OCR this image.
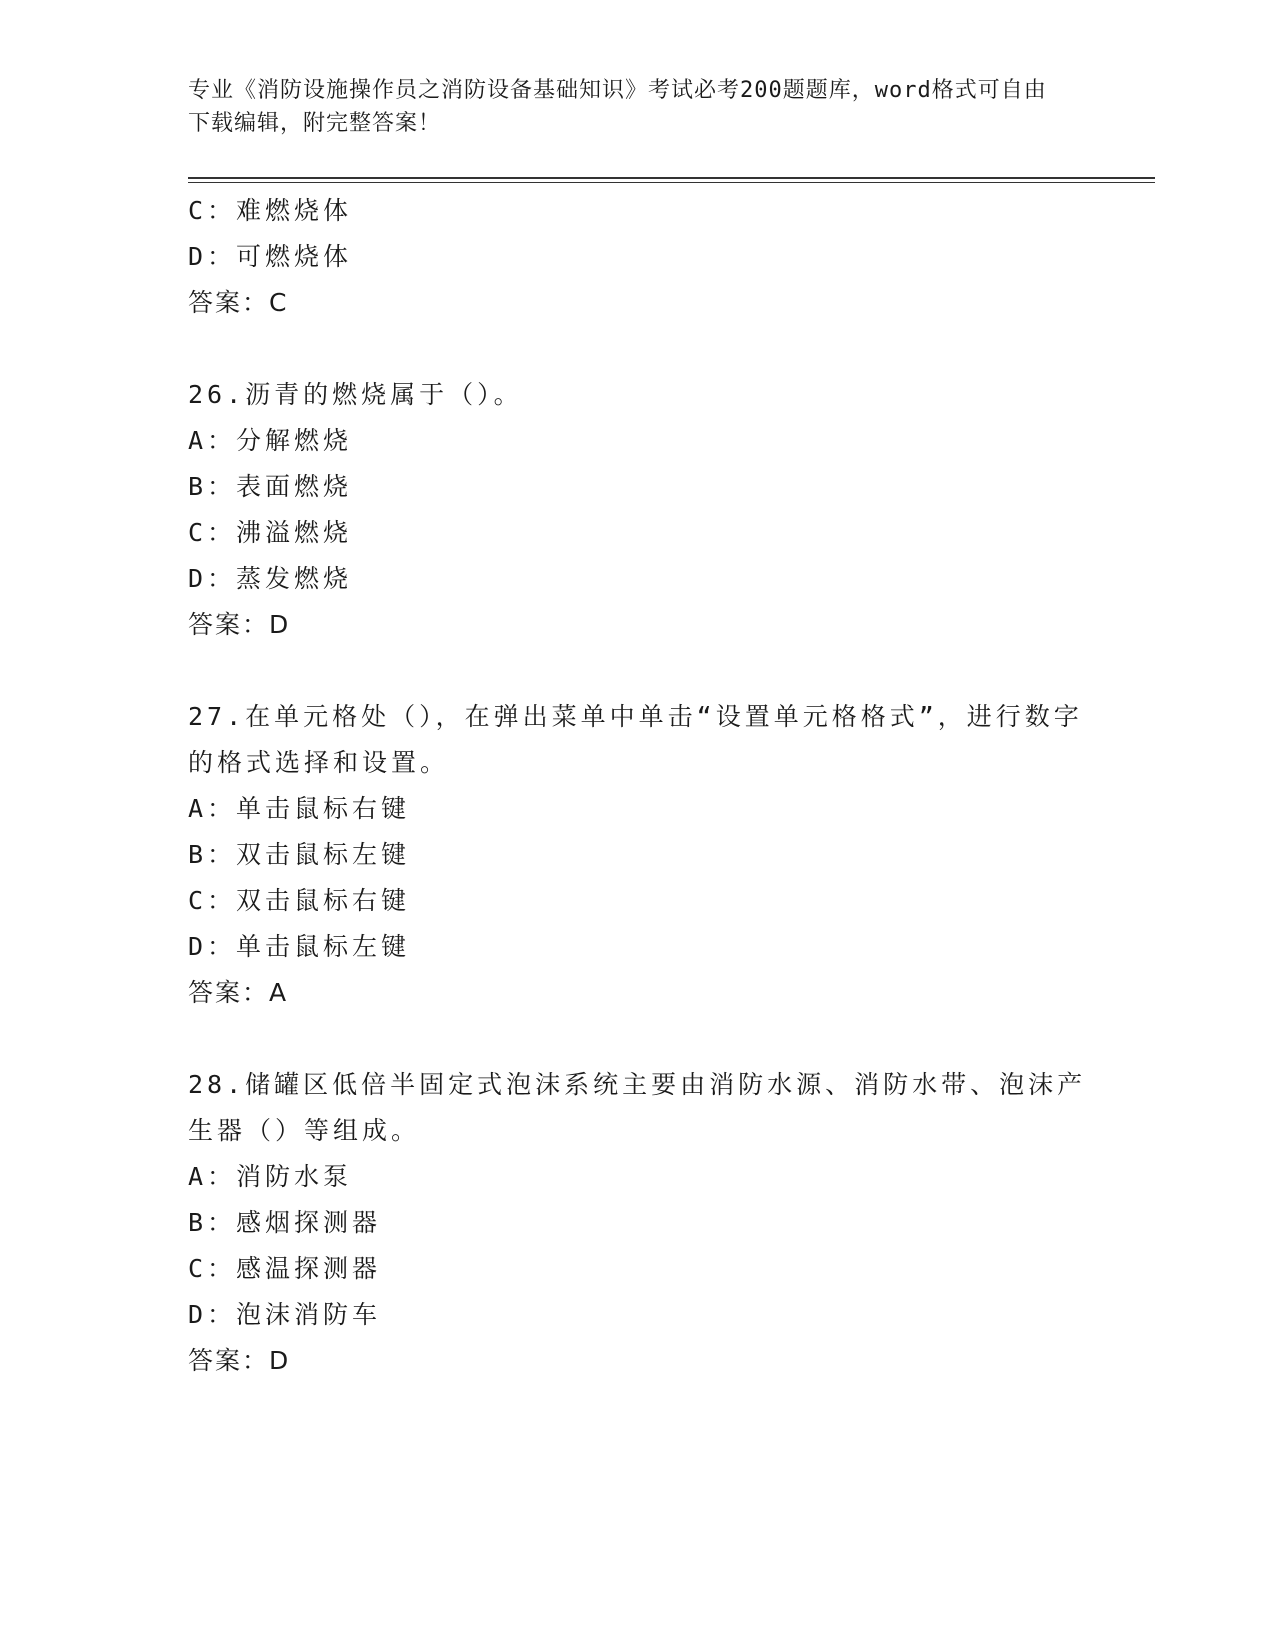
专业《消防设施操作员之消防设备基础知识》考试必考200题题库，word格式可自由下载编辑，附完整答案！
C：难燃烧体
D：可燃烧体
答案：C
26.沥青的燃烧属于（）。
A：分解燃烧
B：表面燃烧
C：沸溢燃烧
D：蒸发燃烧
答案：D
27.在单元格处（），在弹出菜单中单击“设置单元格格式”，进行数字的格式选择和设置。
A：单击鼠标右键
B：双击鼠标左键
C：双击鼠标右键
D：单击鼠标左键
答案：A
28.储罐区低倍半固定式泡沫系统主要由消防水源、消防水带、泡沫产生器（）等组成。
A：消防水泵
B：感烟探测器
C：感温探测器
D：泡沫消防车
答案：D
